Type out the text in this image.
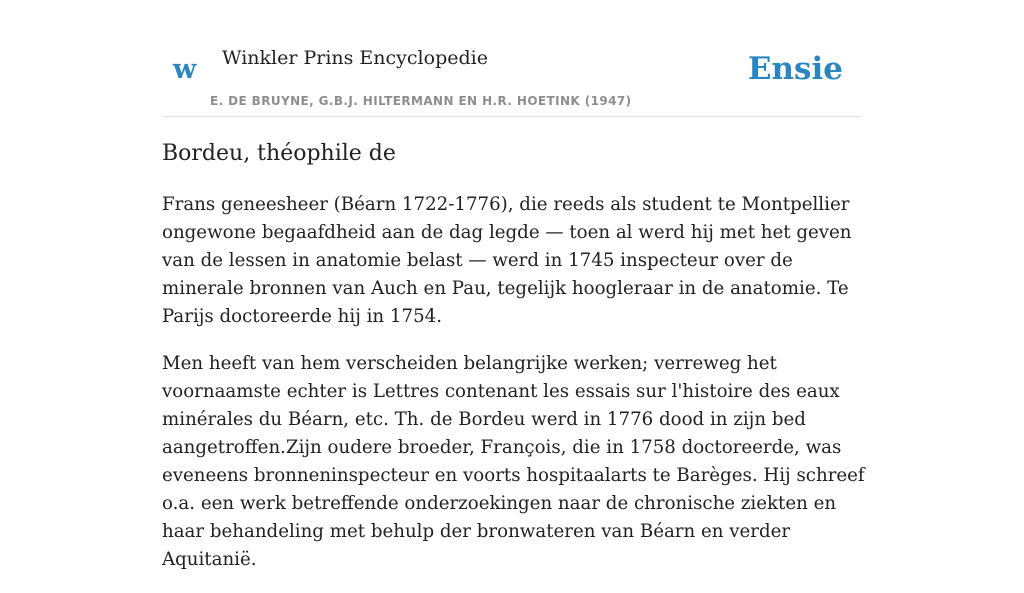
w Winkler Prins Encyclopedie
E. DE BRUYNE, G.B.J. HILTERMANN EN H.R. HOETINK (1947)
Ensie
Bordeu, théophile de

Frans geneesheer (Béarn 1722-1776), die reeds als student te Montpellier ongewone begaafdheid aan de dag legde — toen al werd hij met het geven van de lessen in anatomie belast — werd in 1745 inspecteur over de minerale bronnen van Auch en Pau, tegelijk hoogleraar in de anatomie. Te Parijs doctoreerde hij in 1754.

Men heeft van hem verscheiden belangrijke werken; verreweg het voornaamste echter is Lettres contenant les essais sur l'histoire des eaux minérales du Béarn, etc. Th. de Bordeu werd in 1776 dood in zijn bed aangetroffen.Zijn oudere broeder, François, die in 1758 doctoreerde, was eveneens bronneninspecteur en voorts hospitaalarts te Barèges. Hij schreef o.a. een werk betreffende onderzoekingen naar de chronische ziekten en haar behandeling met behulp der bronwateren van Béarn en verder Aquitanië.
